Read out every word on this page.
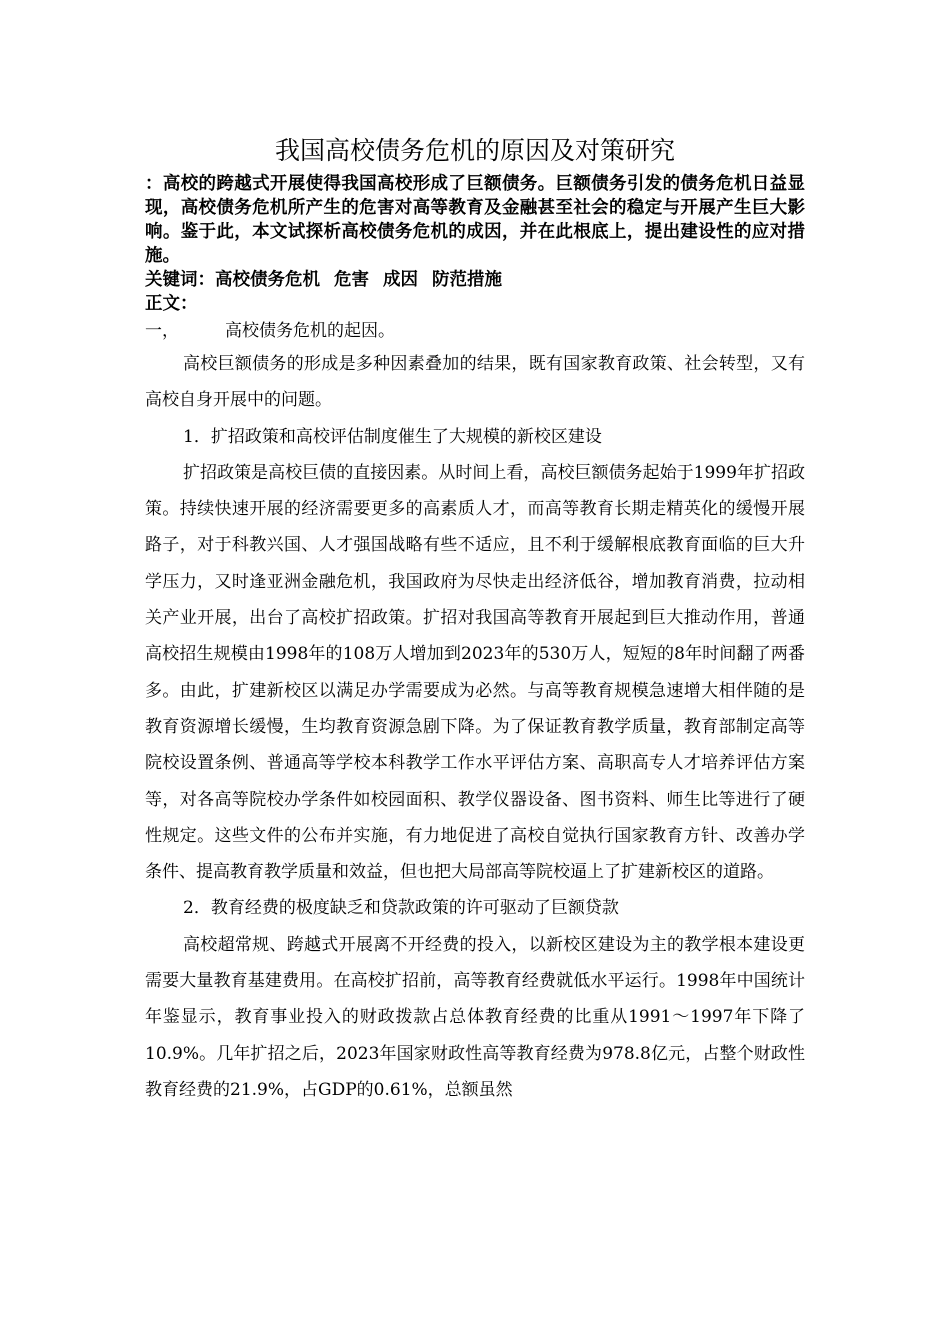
我国高校债务危机的原因及对策研究

：高校的跨越式开展使得我国高校形成了巨额债务。巨额债务引发的债务危机日益显现，高校债务危机所产生的危害对高等教育及金融甚至社会的稳定与开展产生巨大影响。鉴于此，本文试探析高校债务危机的成因，并在此根底上，提出建设性的应对措施。

关键词：高校债务危机 危害 成因 防范措施

正文：

一，	高校债务危机的起因。

高校巨额债务的形成是多种因素叠加的结果，既有国家教育政策、社会转型，又有高校自身开展中的问题。

1．扩招政策和高校评估制度催生了大规模的新校区建设

扩招政策是高校巨债的直接因素。从时间上看，高校巨额债务起始于1999年扩招政策。持续快速开展的经济需要更多的高素质人才，而高等教育长期走精英化的缓慢开展路子，对于科教兴国、人才强国战略有些不适应，且不利于缓解根底教育面临的巨大升学压力，又时逢亚洲金融危机，我国政府为尽快走出经济低谷，增加教育消费，拉动相关产业开展，出台了高校扩招政策。扩招对我国高等教育开展起到巨大推动作用，普通高校招生规模由1998年的108万人增加到2023年的530万人，短短的8年时间翻了两番多。由此，扩建新校区以满足办学需要成为必然。与高等教育规模急速增大相伴随的是教育资源增长缓慢，生均教育资源急剧下降。为了保证教育教学质量，教育部制定高等院校设置条例、普通高等学校本科教学工作水平评估方案、高职高专人才培养评估方案等，对各高等院校办学条件如校园面积、教学仪器设备、图书资料、师生比等进行了硬性规定。这些文件的公布并实施，有力地促进了高校自觉执行国家教育方针、改善办学条件、提高教育教学质量和效益，但也把大局部高等院校逼上了扩建新校区的道路。

2．教育经费的极度缺乏和贷款政策的许可驱动了巨额贷款

高校超常规、跨越式开展离不开经费的投入，以新校区建设为主的教学根本建设更需要大量教育基建费用。在高校扩招前，高等教育经费就低水平运行。1998年中国统计年鉴显示，教育事业投入的财政拨款占总体教育经费的比重从1991～1997年下降了10.9%。几年扩招之后，2023年国家财政性高等教育经费为978.8亿元，占整个财政性教育经费的21.9%，占GDP的0.61%，总额虽然
